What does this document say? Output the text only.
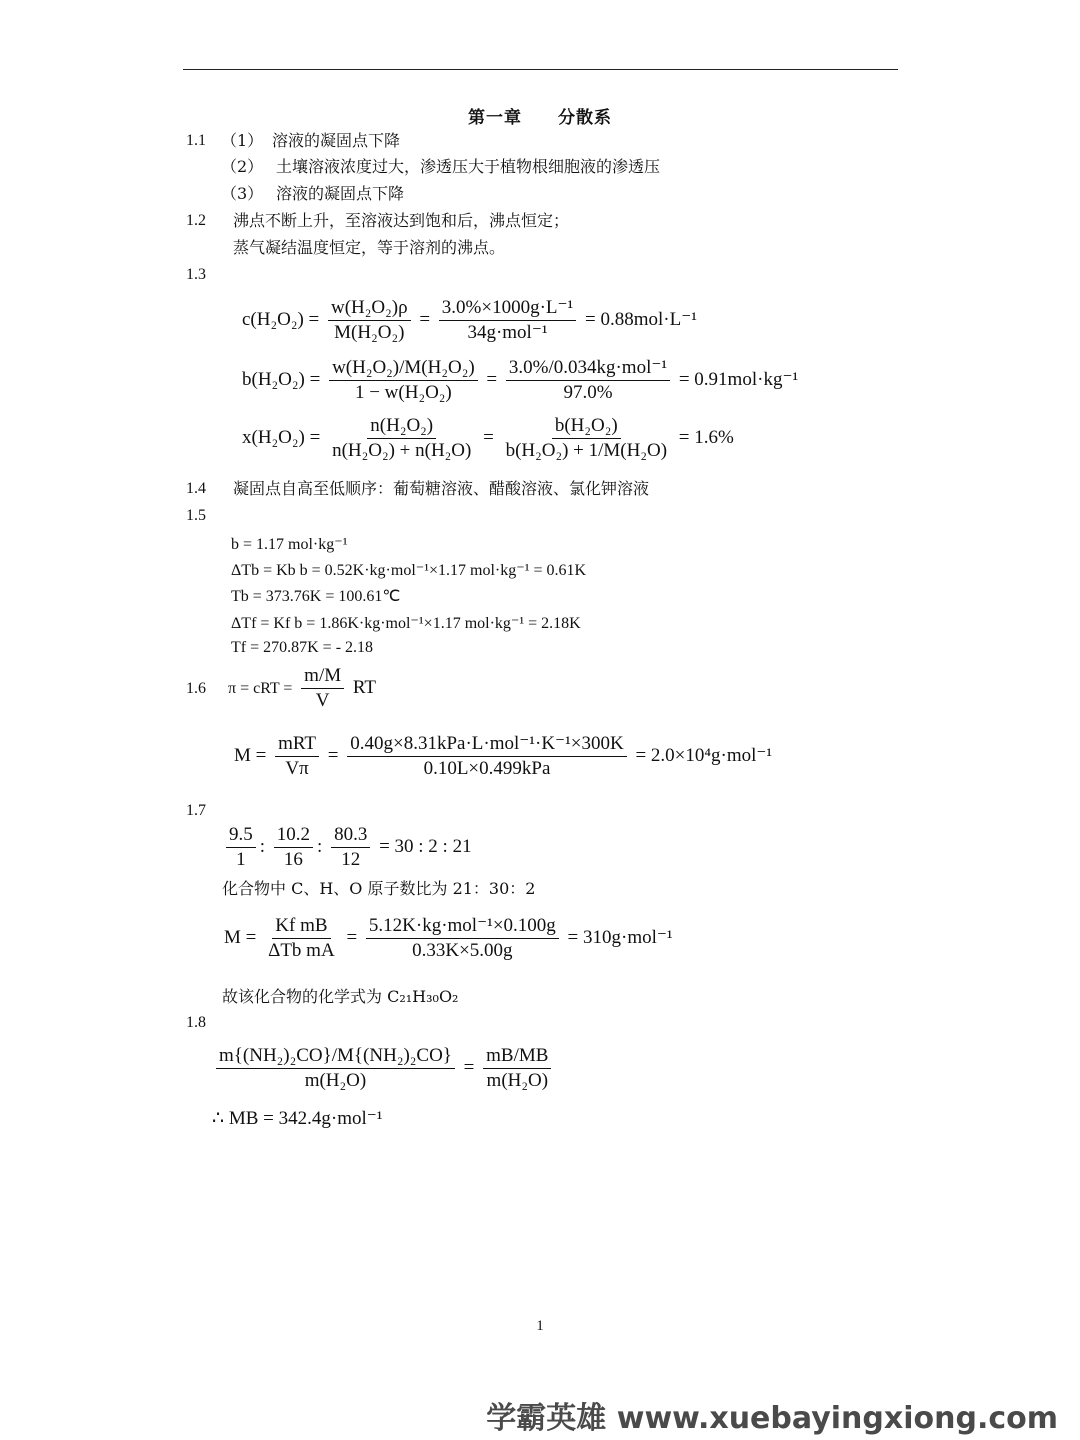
第一章　　分散系
1.1 （1） 溶液的凝固点下降
（2） 土壤溶液浓度过大，渗透压大于植物根细胞液的渗透压
（3） 溶液的凝固点下降
1.2 沸点不断上升，至溶液达到饱和后，沸点恒定；
蒸气凝结温度恒定，等于溶剂的沸点。
1.3
$c(H_2O_2) = \frac{\text{w(H₂O₂)ρ}}{\text{M(H₂O₂)}} = \frac{\text{3.0\%×1000g·L⁻¹}}{\text{34g·mol⁻¹}} = 0.88mol\cdot L^{-1}$
$b(H_2O_2) = \frac{\text{w(H₂O₂)/M(H₂O₂)}}{\text{1 − w(H₂O₂)}} = \frac{\text{3.0\%/0.034kg·mol⁻¹}}{97.0\%} = 0.91mol\cdot kg^{-1}$
$x(H_2O_2) = \frac{\text{n(H₂O₂)}}{\text{n(H₂O₂) + n(H₂O)}} = \frac{\text{b(H₂O₂)}}{\text{b(H₂O₂) + 1/M(H₂O)}} = 1.6\%$
1.4 凝固点自高至低顺序：葡萄糖溶液、醋酸溶液、氯化钾溶液
1.5
b = 1.17 mol·kg⁻¹
ΔTb = Kb b = 0.52K·kg·mol⁻¹×1.17 mol·kg⁻¹ = 0.61K
Tb = 373.76K = 100.61℃
ΔTf = Kf b = 1.86K·kg·mol⁻¹×1.17 mol·kg⁻¹ = 2.18K
Tf = 270.87K = - 2.18
1.6 π = cRT = $\frac{m/M}{V}$ RT
$M = \frac{\text{mRT}}{V\pi} = \frac{\text{0.40g×8.31kPa·L·mol⁻¹·K⁻¹×300K}}{\text{0.10L×0.499kPa}} = 2.0\times 10^4g\cdot mol^{-1}$
1.7
$\frac{9.5}{1}$ : $\frac{10.2}{16}$ : $\frac{80.3}{12} = 30$ : 2 : 21
化合物中 C、H、O 原子数比为 21：30：2
$M = \frac{\text{Kf mB}}{\text{ΔTb mA}} = \frac{\text{5.12K·kg·mol⁻¹×0.100g}}{0.33K\times 5.00g} = 310g\cdot mol^{-1}$
故该化合物的化学式为 C₂₁H₃₀O₂
1.8
$\frac{\text{m\{(NH₂)₂CO\}/M\{(NH₂)₂CO\}}}{\text{m(H₂O)}} = \frac{mB/MB}{\text{m(H₂O)}}$
∴ MB = 342.4g·mol⁻¹
1
学霸英雄 www.xuebayingxiong.com
